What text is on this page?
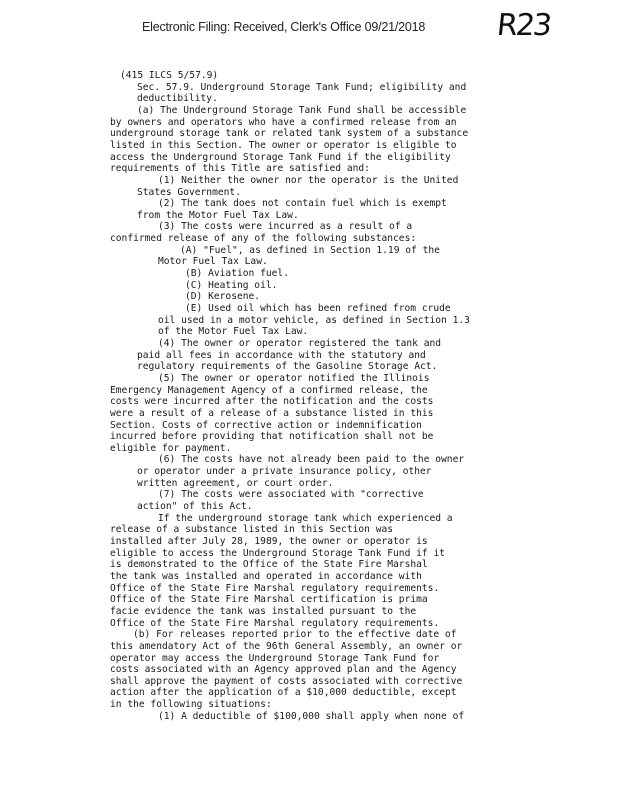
Electronic Filing: Received, Clerk's Office 09/21/2018 R23
(415 ILCS 5/57.9)
Sec. 57.9. Underground Storage Tank Fund; eligibility and
deductibility.
(a) The Underground Storage Tank Fund shall be accessible
by owners and operators who have a confirmed release from an
underground storage tank or related tank system of a substance
listed in this Section. The owner or operator is eligible to
access the Underground Storage Tank Fund if the eligibility
requirements of this Title are satisfied and:
(1) Neither the owner nor the operator is the United
States Government.
(2) The tank does not contain fuel which is exempt
from the Motor Fuel Tax Law.
(3) The costs were incurred as a result of a
confirmed release of any of the following substances:
(A) "Fuel", as defined in Section 1.19 of the
Motor Fuel Tax Law.
(B) Aviation fuel.
(C) Heating oil.
(D) Kerosene.
(E) Used oil which has been refined from crude
oil used in a motor vehicle, as defined in Section 1.3
of the Motor Fuel Tax Law.
(4) The owner or operator registered the tank and
paid all fees in accordance with the statutory and
regulatory requirements of the Gasoline Storage Act.
(5) The owner or operator notified the Illinois
Emergency Management Agency of a confirmed release, the
costs were incurred after the notification and the costs
were a result of a release of a substance listed in this
Section. Costs of corrective action or indemnification
incurred before providing that notification shall not be
eligible for payment.
(6) The costs have not already been paid to the owner
or operator under a private insurance policy, other
written agreement, or court order.
(7) The costs were associated with "corrective
action" of this Act.
If the underground storage tank which experienced a
release of a substance listed in this Section was
installed after July 28, 1989, the owner or operator is
eligible to access the Underground Storage Tank Fund if it
is demonstrated to the Office of the State Fire Marshal
the tank was installed and operated in accordance with
Office of the State Fire Marshal regulatory requirements.
Office of the State Fire Marshal certification is prima
facie evidence the tank was installed pursuant to the
Office of the State Fire Marshal regulatory requirements.
(b) For releases reported prior to the effective date of
this amendatory Act of the 96th General Assembly, an owner or
operator may access the Underground Storage Tank Fund for
costs associated with an Agency approved plan and the Agency
shall approve the payment of costs associated with corrective
action after the application of a $10,000 deductible, except
in the following situations:
(1) A deductible of $100,000 shall apply when none of
